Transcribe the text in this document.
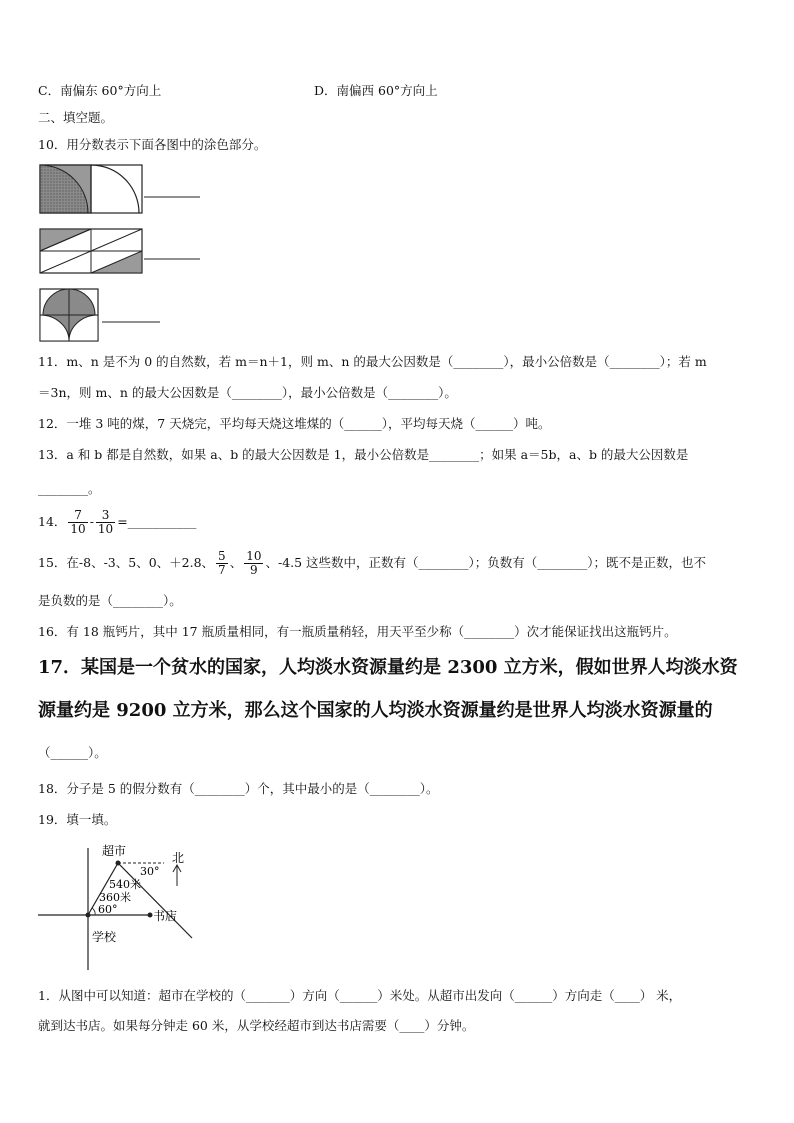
C．南偏东 60°方向上	D．南偏西 60°方向上
二、填空题。
10．用分数表示下面各图中的涂色部分。
11．m、n 是不为 0 的自然数，若 m＝n＋1，则 m、n 的最大公因数是（________），最小公倍数是（________）；若 m
＝3n，则 m、n 的最大公因数是（________），最小公倍数是（________）。
12．一堆 3 吨的煤，7 天烧完，平均每天烧这堆煤的（______），平均每天烧（______）吨。
13．a 和 b 都是自然数，如果 a、b 的最大公因数是 1，最小公倍数是________；如果 a＝5b，a、b 的最大公因数是
________。
14． $\frac{7}{10} - \frac{3}{10}$ =___________
15．在-8、-3、5、0、＋2.8、 $\frac{5}{7}$ 、 $\frac{10}{9}$ 、-4.5 这些数中，正数有（________）；负数有（________）；既不是正数，也不
是负数的是（________）。
16．有 18 瓶钙片，其中 17 瓶质量相同，有一瓶质量稍轻，用天平至少称（________）次才能保证找出这瓶钙片。
17．某国是一个贫水的国家，人均淡水资源量约是 2300 立方米，假如世界人均淡水资
源量约是 9200 立方米，那么这个国家的人均淡水资源量约是世界人均淡水资源量的
（______）。
18．分子是 5 的假分数有（________）个，其中最小的是（________）。
19．填一填。
超市	北
30°
540米
360米
60°	书店
学校
1．从图中可以知道：超市在学校的（_______）方向（______）米处。从超市出发向（______）方向走（____） 米，
就到达书店。如果每分钟走 60 米，从学校经超市到达书店需要（____）分钟。
